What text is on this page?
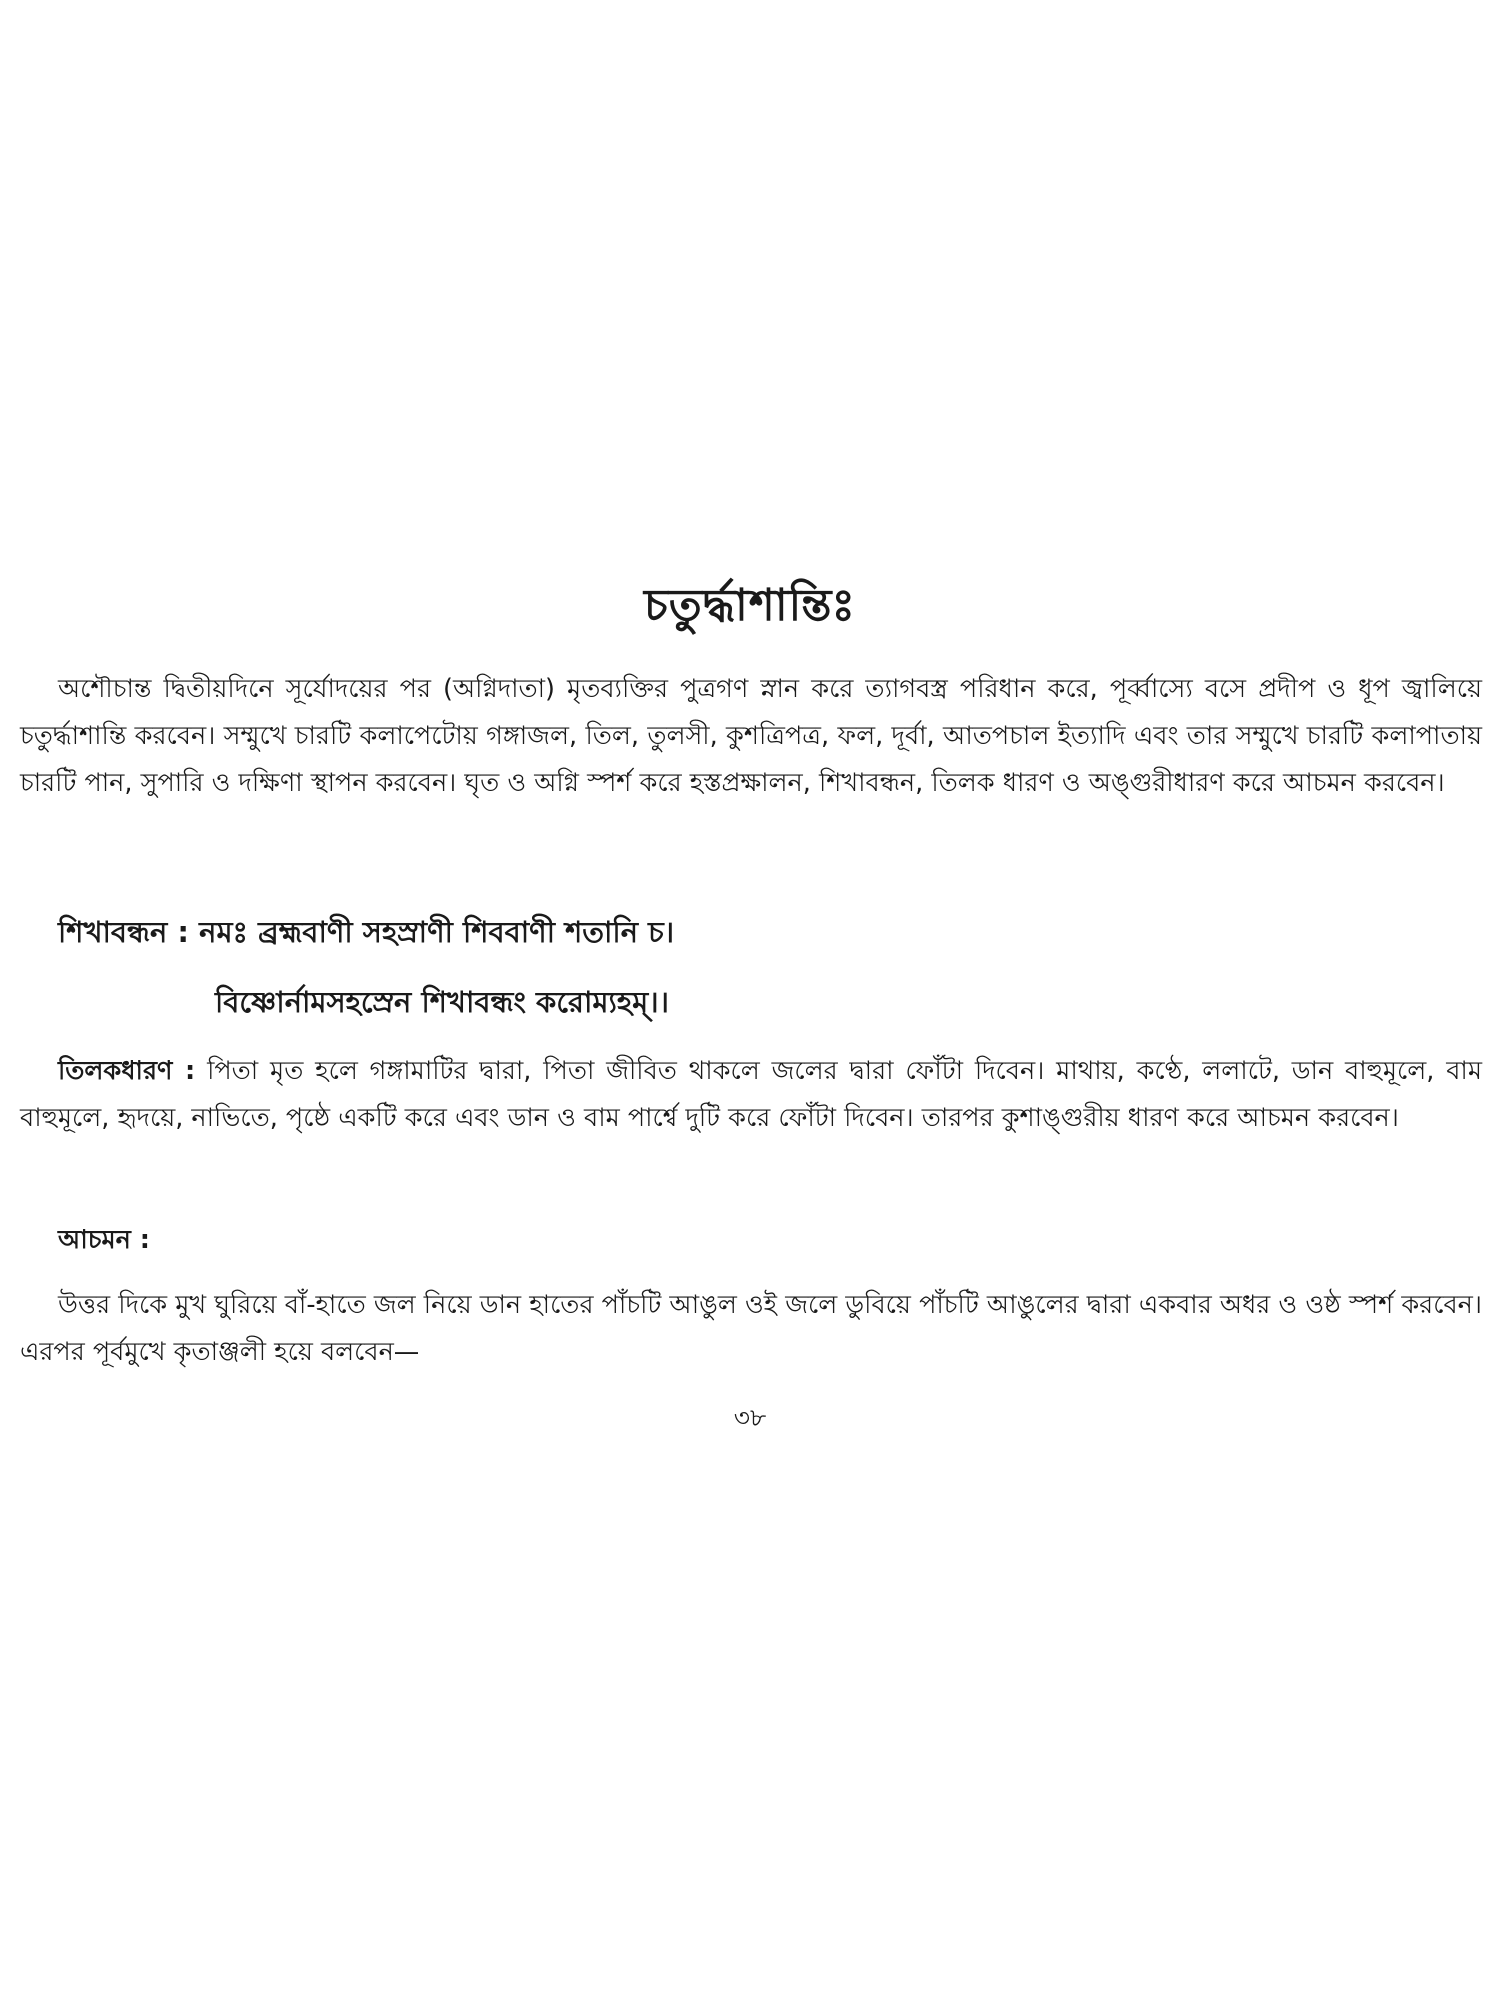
চতুর্দ্ধাশান্তিঃ

অশৌচান্ত দ্বিতীয়দিনে সূর্যোদয়ের পর (অগ্নিদাতা) মৃতব্যক্তির পুত্রগণ স্নান করে ত্যাগবস্ত্র পরিধান করে, পূর্ব্বাস্যে বসে প্রদীপ ও ধূপ জ্বালিয়ে চতুর্দ্ধাশান্তি করবেন। সম্মুখে চারটি কলাপেটোয় গঙ্গাজল, তিল, তুলসী, কুশত্রিপত্র, ফল, দূর্বা, আতপচাল ইত্যাদি এবং তার সম্মুখে চারটি কলাপাতায় চারটি পান, সুপারি ও দক্ষিণা স্থাপন করবেন। ঘৃত ও অগ্নি স্পর্শ করে হস্তপ্রক্ষালন, শিখাবন্ধন, তিলক ধারণ ও অঙ্গুরীধারণ করে আচমন করবেন।

শিখাবন্ধন : নমঃ ব্রহ্মবাণী সহস্রাণী শিববাণী শতানি চ।

বিষ্ণোর্নামসহস্রেন শিখাবন্ধং করোম্যহম্।।

তিলকধারণ : পিতা মৃত হলে গঙ্গামাটির দ্বারা, পিতা জীবিত থাকলে জলের দ্বারা ফোঁটা দিবেন। মাথায়, কণ্ঠে, ললাটে, ডান বাহুমূলে, বাম বাহুমূলে, হৃদয়ে, নাভিতে, পৃষ্ঠে একটি করে এবং ডান ও বাম পার্শ্বে দুটি করে ফোঁটা দিবেন। তারপর কুশাঙ্গুরীয় ধারণ করে আচমন করবেন।

আচমন :

উত্তর দিকে মুখ ঘুরিয়ে বাঁ-হাতে জল নিয়ে ডান হাতের পাঁচটি আঙুল ওই জলে ডুবিয়ে পাঁচটি আঙুলের দ্বারা একবার অধর ও ওষ্ঠ স্পর্শ করবেন। এরপর পূর্বমুখে কৃতাঞ্জলী হয়ে বলবেন—

৩৮
